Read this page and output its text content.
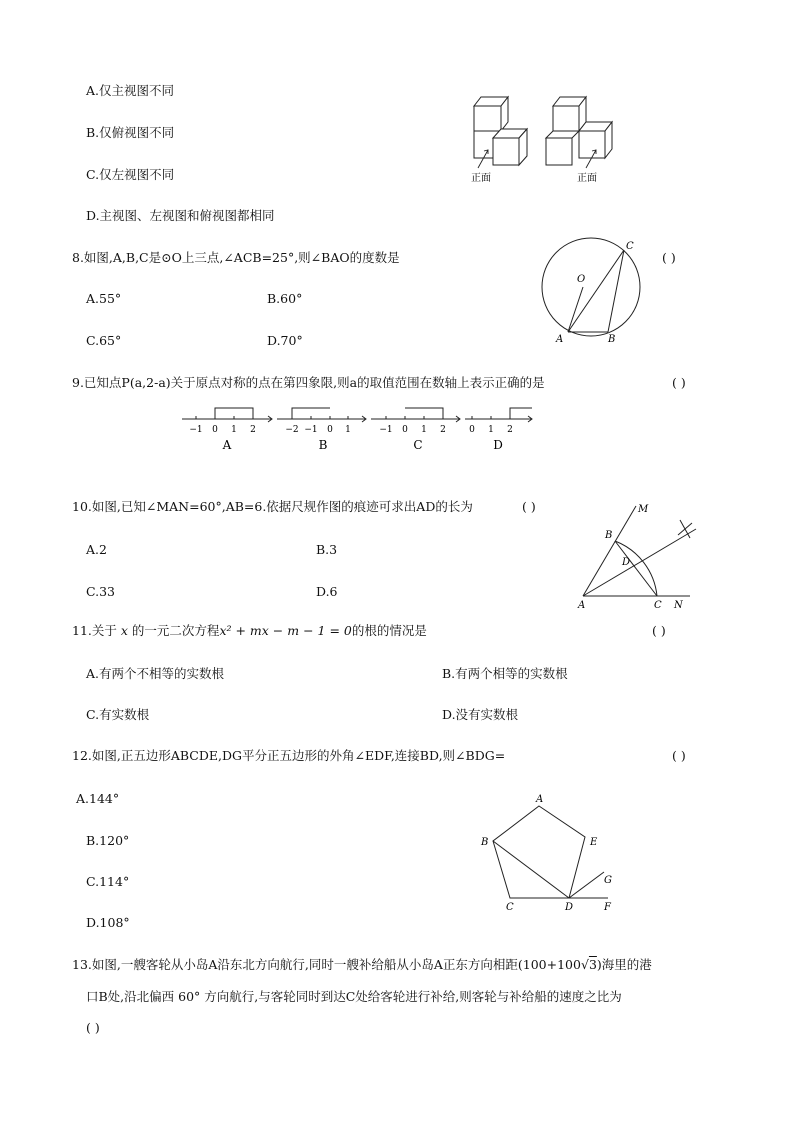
A.仅主视图不同
B.仅俯视图不同
C.仅左视图不同
D.主视图、左视图和俯视图都相同
正面	正面
8.如图,A,B,C是⊙O上三点,∠ACB=25°,则∠BAO的度数是	( )
A.55°	B.60°
C.65°	D.70°
C
O
A	B
9.已知点P(a,2-a)关于原点对称的点在第四象限,则a的取值范围在数轴上表示正确的是	( )
−1 0 1 2	−2 −1 0 1	−1 0 1 2	0 1 2
A	B	C	D
10.如图,已知∠MAN=60°,AB=6.依据尺规作图的痕迹可求出AD的长为	( )
A.2	B.3
C.33	D.6
M
B
D
A	C N
11.关于 x 的一元二次方程x² + mx − m − 1 = 0的根的情况是	( )
A.有两个不相等的实数根	B.有两个相等的实数根
C.有实数根	D.没有实数根
12.如图,正五边形ABCDE,DG平分正五边形的外角∠EDF,连接BD,则∠BDG=	( )
A.144°
B.120°
C.114°
D.108°
A
B	E
G
C	D	F
13.如图,一艘客轮从小岛A沿东北方向航行,同时一艘补给船从小岛A正东方向相距(100+100√3)海里的港
口B处,沿北偏西 60° 方向航行,与客轮同时到达C处给客轮进行补给,则客轮与补给船的速度之比为
( )
